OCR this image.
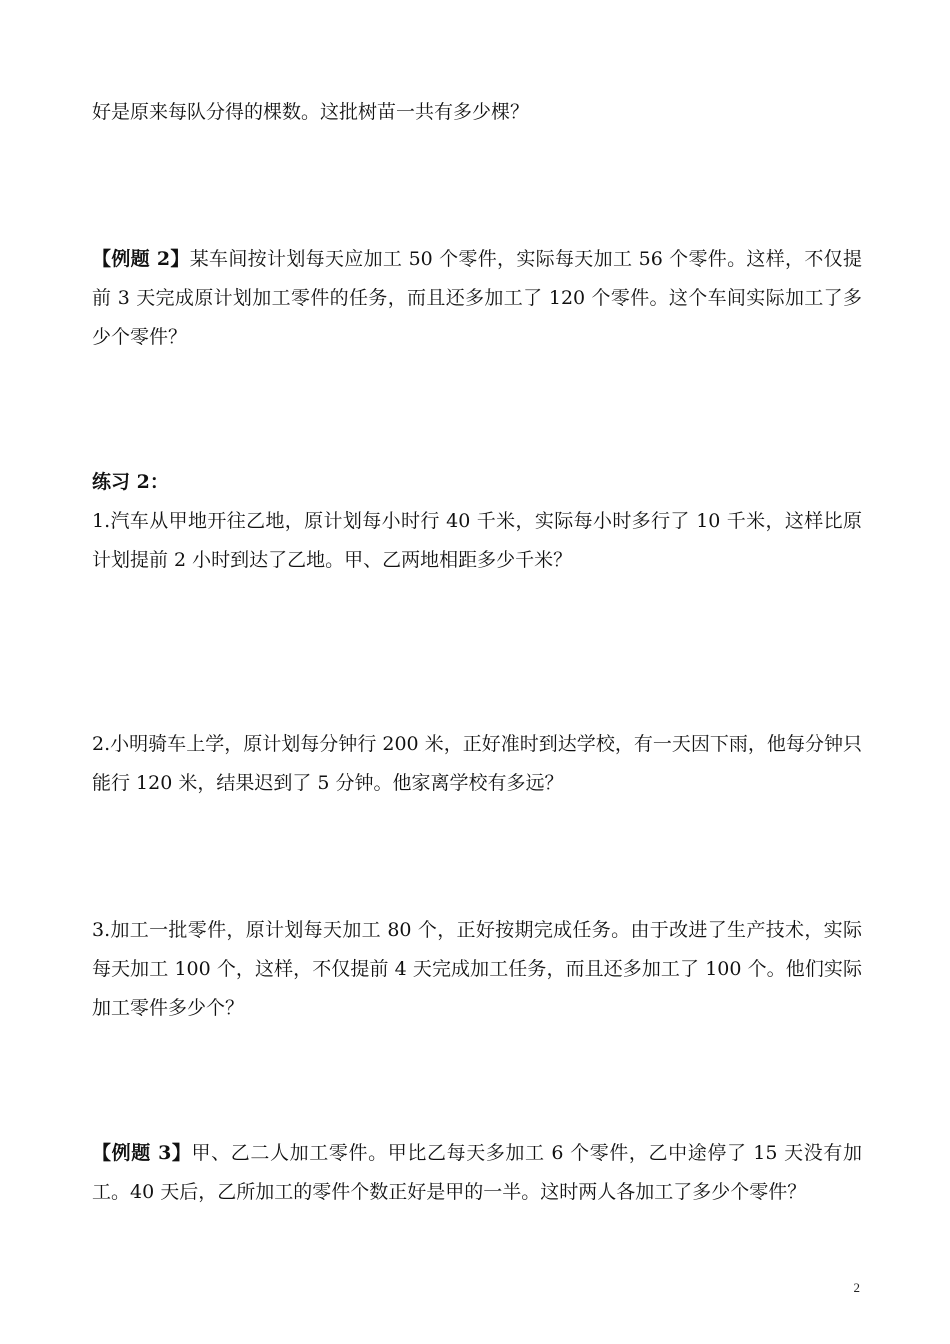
好是原来每队分得的棵数。这批树苗一共有多少棵？
【例题 2】某车间按计划每天应加工 50 个零件，实际每天加工 56 个零件。这样，不仅提前 3 天完成原计划加工零件的任务，而且还多加工了 120 个零件。这个车间实际加工了多少个零件？
练习 2：
1.汽车从甲地开往乙地，原计划每小时行 40 千米，实际每小时多行了 10 千米，这样比原计划提前 2 小时到达了乙地。甲、乙两地相距多少千米？
2.小明骑车上学，原计划每分钟行 200 米，正好准时到达学校，有一天因下雨，他每分钟只能行 120 米，结果迟到了 5 分钟。他家离学校有多远？
3.加工一批零件，原计划每天加工 80 个，正好按期完成任务。由于改进了生产技术，实际每天加工 100 个，这样，不仅提前 4 天完成加工任务，而且还多加工了 100 个。他们实际加工零件多少个？
【例题 3】甲、乙二人加工零件。甲比乙每天多加工 6 个零件，乙中途停了 15 天没有加工。40 天后，乙所加工的零件个数正好是甲的一半。这时两人各加工了多少个零件？
2
